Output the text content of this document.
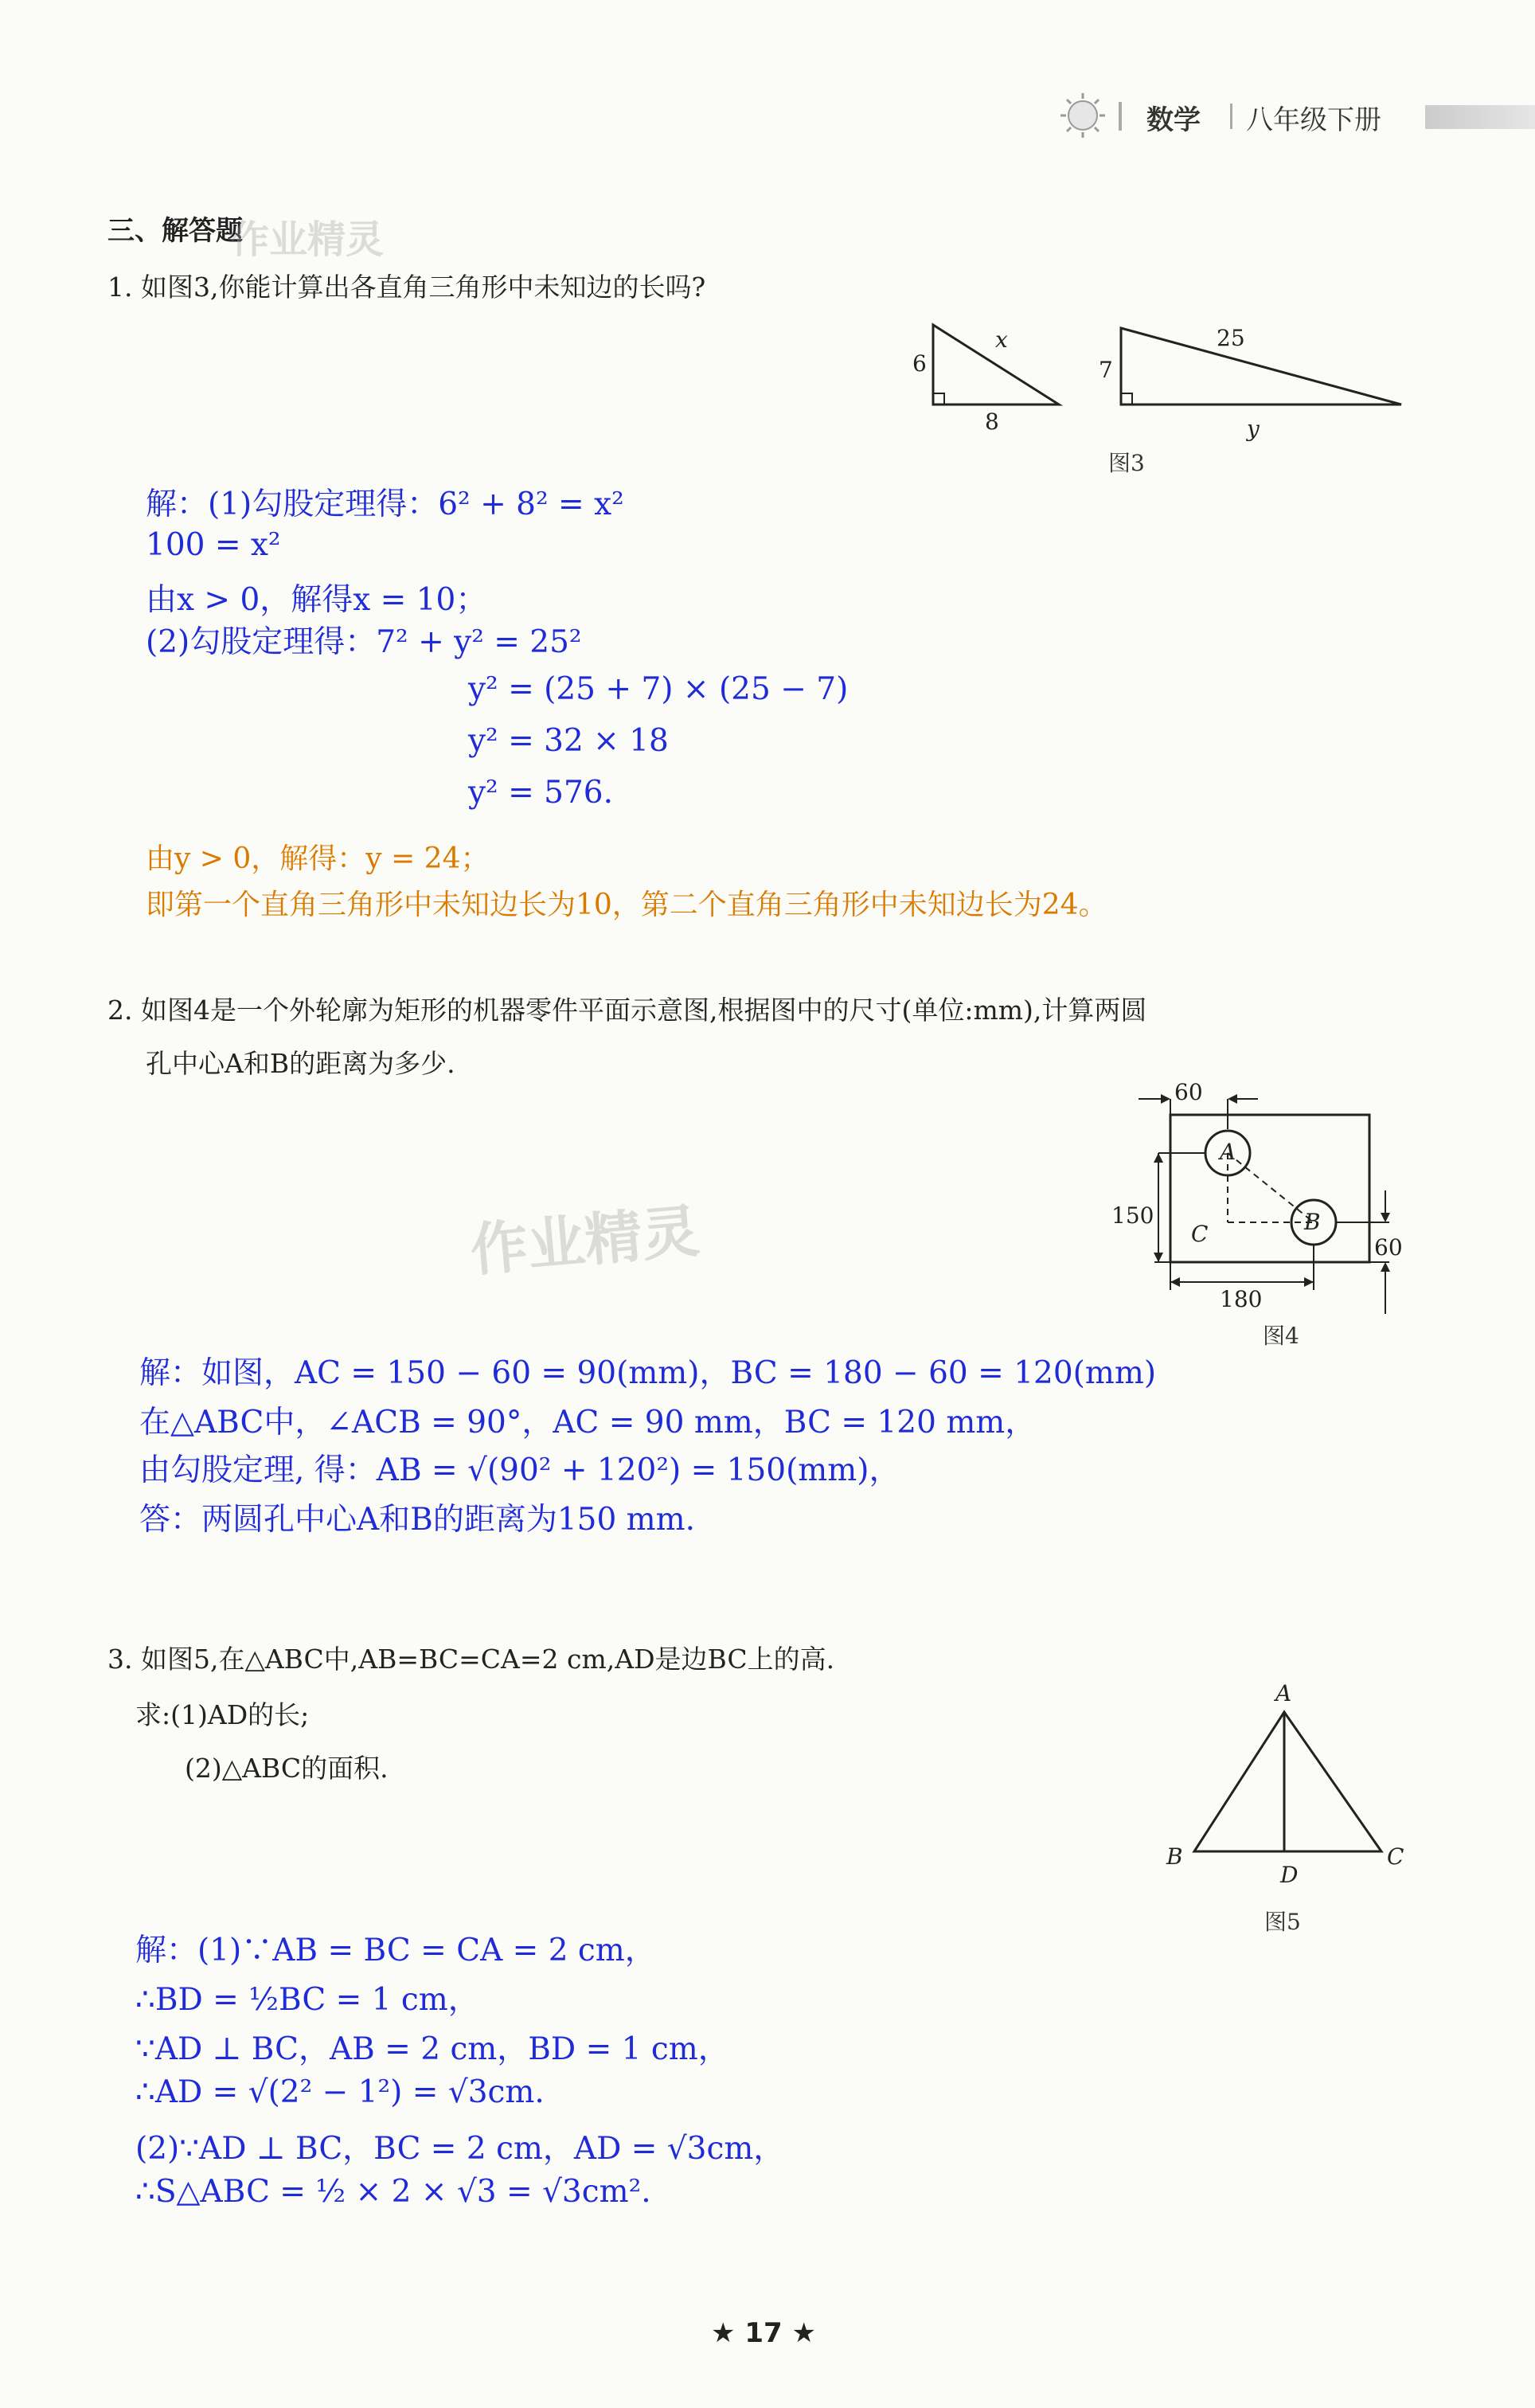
数学 八年级下册
三、解答题
作业精灵
1. 如图3,你能计算出各直角三角形中未知边的长吗?
6
x
8
7
25
y
图3
解：(1)勾股定理得：6² + 8² = x²
100 = x²
由x > 0，解得x = 10；
(2)勾股定理得：7² + y² = 25²
y² = (25 + 7) × (25 − 7)
y² = 32 × 18
y² = 576.
由y > 0，解得：y = 24；
即第一个直角三角形中未知边长为10，第二个直角三角形中未知边长为24。
2. 如图4是一个外轮廓为矩形的机器零件平面示意图,根据图中的尺寸(单位:mm),计算两圆
孔中心A和B的距离为多少.
作业精灵
60
150
180
60
A
B
C
图4
解：如图，AC = 150 − 60 = 90(mm)，BC = 180 − 60 = 120(mm)
在△ABC中，∠ACB = 90°，AC = 90 mm，BC = 120 mm，
由勾股定理, 得：AB = √(90² + 120²) = 150(mm)，
答：两圆孔中心A和B的距离为150 mm.
3. 如图5,在△ABC中,AB=BC=CA=2 cm,AD是边BC上的高.
求:(1)AD的长;
(2)△ABC的面积.
A
B	C
D
图5
解：(1)∵AB = BC = CA = 2 cm，
∴BD = ½BC = 1 cm，
∵AD ⊥ BC，AB = 2 cm，BD = 1 cm，
∴AD = √(2² − 1²) = √3cm.
(2)∵AD ⊥ BC，BC = 2 cm，AD = √3cm，
∴S△ABC = ½ × 2 × √3 = √3cm².
★ 17 ★
